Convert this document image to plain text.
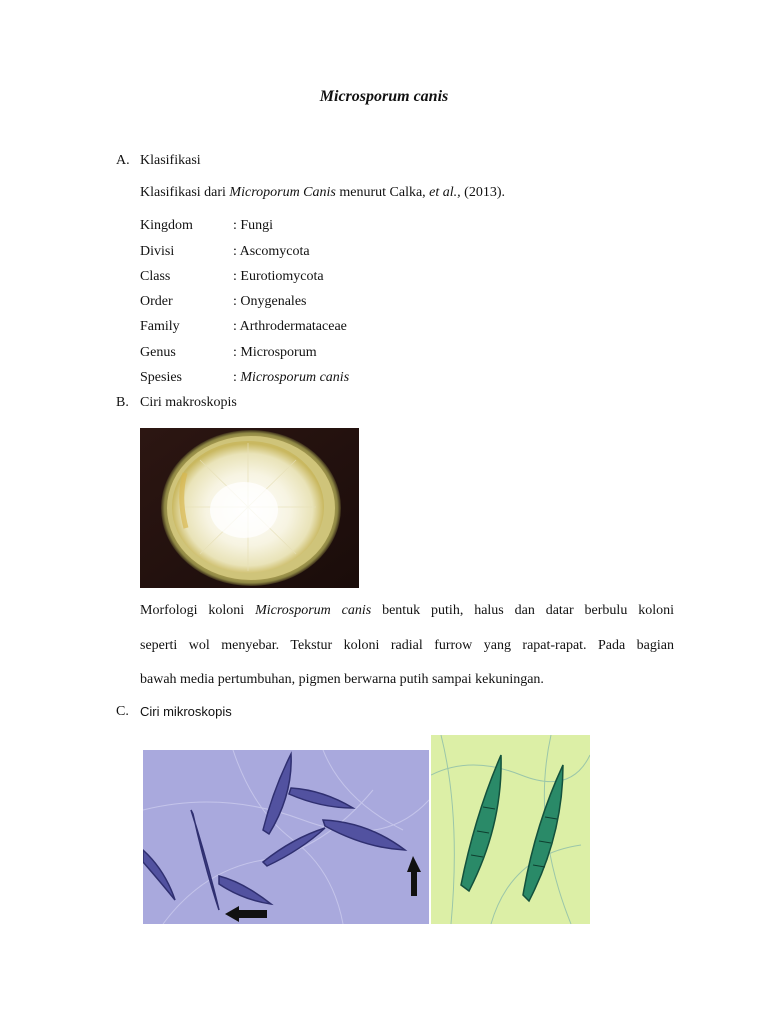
Microsporum canis
A. Klasifikasi
Klasifikasi dari Microporum Canis menurut Calka, et al., (2013).
Kingdom	: Fungi
Divisi	: Ascomycota
Class	: Eurotiomycota
Order	: Onygenales
Family	: Arthrodermataceae
Genus	: Microsporum
Spesies	: Microsporum canis
B. Ciri makroskopis
Morfologi koloni Microsporum canis bentuk putih, halus dan datar berbulu koloni
seperti wol menyebar. Tekstur koloni radial furrow yang rapat-rapat. Pada bagian
bawah media pertumbuhan, pigmen berwarna putih sampai kekuningan.
C. Ciri mikroskopis
